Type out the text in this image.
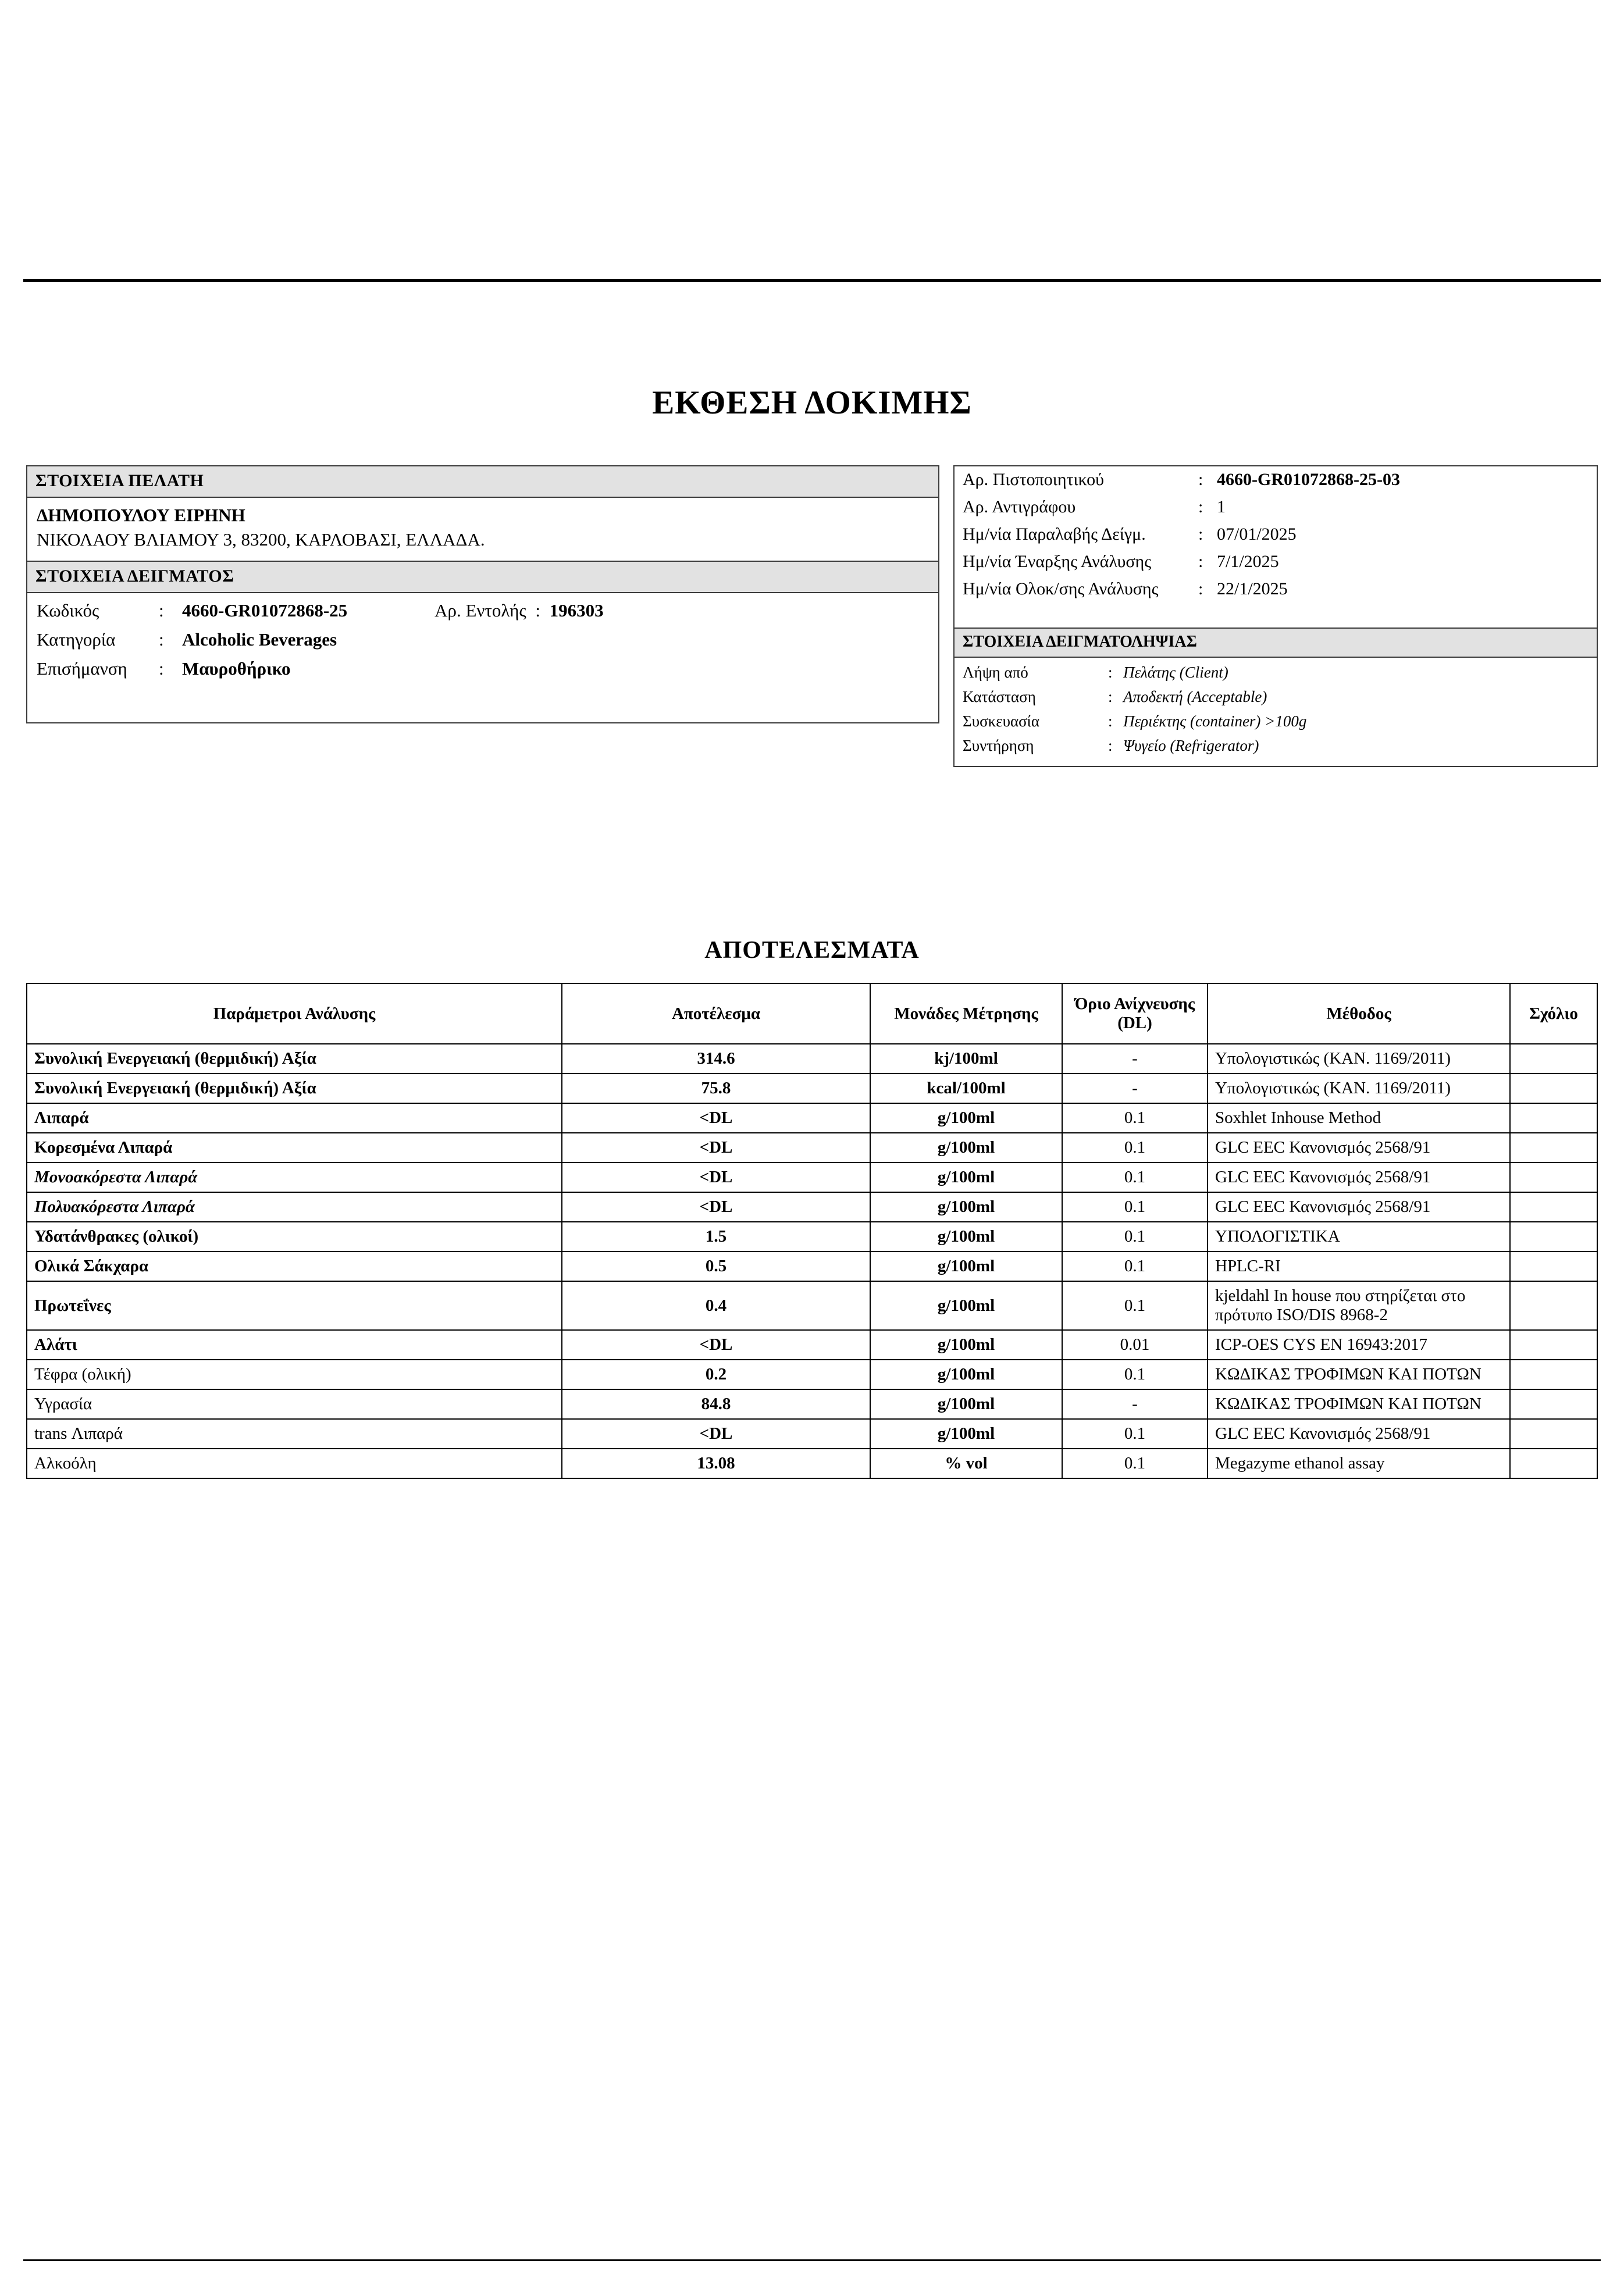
ΕΚΘΕΣΗ ΔΟΚΙΜΗΣ
ΣΤΟΙΧΕΙΑ ΠΕΛΑΤΗ
ΔΗΜΟΠΟΥΛΟΥ ΕΙΡΗΝΗ
ΝΙΚΟΛΑΟΥ ΒΛΙΑΜΟΥ 3, 83200, ΚΑΡΛΟΒΑΣΙ, ΕΛΛΑΔΑ.
ΣΤΟΙΧΕΙΑ ΔΕΙΓΜΑΤΟΣ
Κωδικός	:	4660-GR01072868-25	Αρ. Εντολής : 196303
Κατηγορία	:	Alcoholic Beverages
Επισήμανση	:	Μαυροθήρικο
Αρ. Πιστοποιητικού	: 4660-GR01072868-25-03
Αρ. Αντιγράφου	: 1
Ημ/νία Παραλαβής Δείγμ.	: 07/01/2025
Ημ/νία Έναρξης Ανάλυσης	: 7/1/2025
Ημ/νία Ολοκ/σης Ανάλυσης	: 22/1/2025
ΣΤΟΙΧΕΙΑ ΔΕΙΓΜΑΤΟΛΗΨΙΑΣ
Λήψη από	: Πελάτης (Client)
Κατάσταση	: Αποδεκτή (Acceptable)
Συσκευασία	: Περιέκτης (container) >100g
Συντήρηση	: Ψυγείο (Refrigerator)
ΑΠΟΤΕΛΕΣΜΑΤΑ
Παράμετροι Ανάλυσης	Αποτέλεσμα	Μονάδες Μέτρησης	Όριο Ανίχνευσης (DL)	Μέθοδος	Σχόλιο
Συνολική Ενεργειακή (θερμιδική) Αξία	314.6	kj/100ml	-	Υπολογιστικώς (ΚΑΝ. 1169/2011)	
Συνολική Ενεργειακή (θερμιδική) Αξία	75.8	kcal/100ml	-	Υπολογιστικώς (ΚΑΝ. 1169/2011)	
Λιπαρά	<DL	g/100ml	0.1	Soxhlet Inhouse Method	
Κορεσμένα Λιπαρά	<DL	g/100ml	0.1	GLC EEC Κανονισμός 2568/91	
Μονοακόρεστα Λιπαρά	<DL	g/100ml	0.1	GLC EEC Κανονισμός 2568/91	
Πολυακόρεστα Λιπαρά	<DL	g/100ml	0.1	GLC EEC Κανονισμός 2568/91	
Υδατάνθρακες (ολικοί)	1.5	g/100ml	0.1	ΥΠΟΛΟΓΙΣΤΙΚΑ	
Ολικά Σάκχαρα	0.5	g/100ml	0.1	HPLC-RI	
Πρωτεΐνες	0.4	g/100ml	0.1	kjeldahl In house που στηρίζεται στο πρότυπο ISO/DIS 8968-2	
Αλάτι	<DL	g/100ml	0.01	ICP-OES CYS EN 16943:2017	
Τέφρα (ολική)	0.2	g/100ml	0.1	ΚΩΔΙΚΑΣ ΤΡΟΦΙΜΩΝ ΚΑΙ ΠΟΤΩΝ	
Υγρασία	84.8	g/100ml	-	ΚΩΔΙΚΑΣ ΤΡΟΦΙΜΩΝ ΚΑΙ ΠΟΤΩΝ	
trans Λιπαρά	<DL	g/100ml	0.1	GLC EEC Κανονισμός 2568/91	
Αλκοόλη	13.08	% vol	0.1	Megazyme ethanol assay	
